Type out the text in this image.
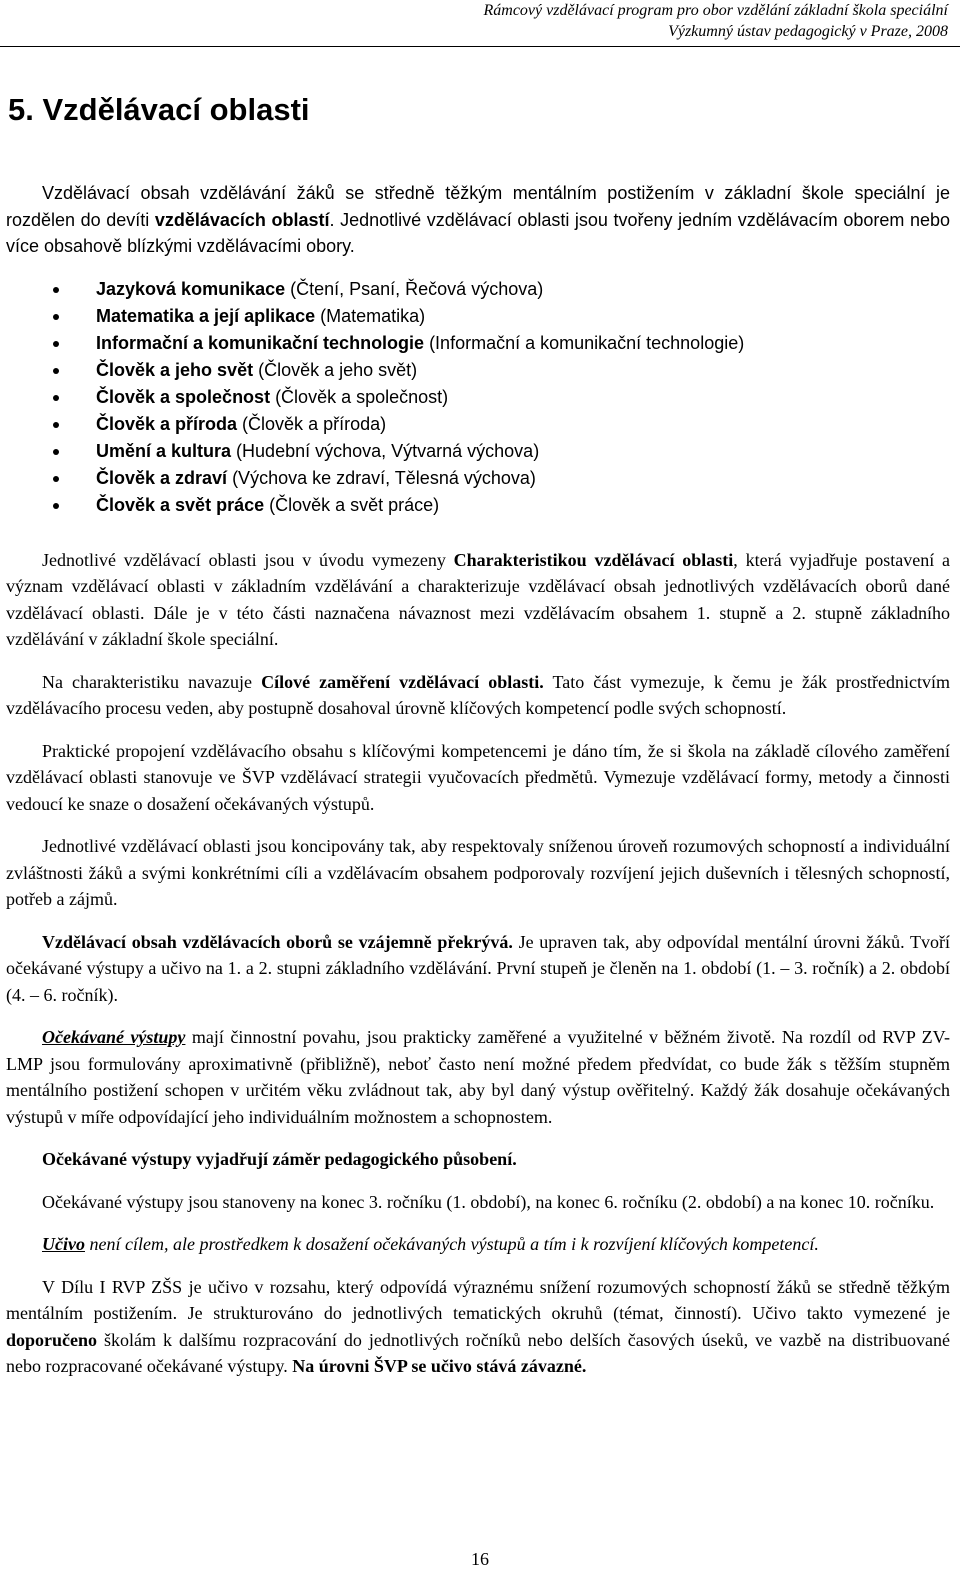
Rámcový vzdělávací program pro obor vzdělání základní škola speciální
Výzkumný ústav pedagogický v Praze, 2008
5. Vzdělávací oblasti

Vzdělávací obsah vzdělávání žáků se středně těžkým mentálním postižením v základní škole speciální je rozdělen do devíti vzdělávacích oblastí. Jednotlivé vzdělávací oblasti jsou tvořeny jedním vzdělávacím oborem nebo více obsahově blízkými vzdělávacími obory.

Jazyková komunikace (Čtení, Psaní, Řečová výchova)
Matematika a její aplikace (Matematika)
Informační a komunikační technologie (Informační a komunikační technologie)
Člověk a jeho svět (Člověk a jeho svět)
Člověk a společnost (Člověk a společnost)
Člověk a příroda (Člověk a příroda)
Umění a kultura (Hudební výchova, Výtvarná výchova)
Člověk a zdraví (Výchova ke zdraví, Tělesná výchova)
Člověk a svět práce (Člověk a svět práce)

Jednotlivé vzdělávací oblasti jsou v úvodu vymezeny Charakteristikou vzdělávací oblasti, která vyjadřuje postavení a význam vzdělávací oblasti v základním vzdělávání a charakterizuje vzdělávací obsah jednotlivých vzdělávacích oborů dané vzdělávací oblasti. Dále je v této části naznačena návaznost mezi vzdělávacím obsahem 1. stupně a 2. stupně základního vzdělávání v základní škole speciální.

Na charakteristiku navazuje Cílové zaměření vzdělávací oblasti. Tato část vymezuje, k čemu je žák prostřednictvím vzdělávacího procesu veden, aby postupně dosahoval úrovně klíčových kompetencí podle svých schopností.

Praktické propojení vzdělávacího obsahu s klíčovými kompetencemi je dáno tím, že si škola na základě cílového zaměření vzdělávací oblasti stanovuje ve ŠVP vzdělávací strategii vyučovacích předmětů. Vymezuje vzdělávací formy, metody a činnosti vedoucí ke snaze o dosažení očekávaných výstupů.

Jednotlivé vzdělávací oblasti jsou koncipovány tak, aby respektovaly sníženou úroveň rozumových schopností a individuální zvláštnosti žáků a svými konkrétními cíli a vzdělávacím obsahem podporovaly rozvíjení jejich duševních i tělesných schopností, potřeb a zájmů.

Vzdělávací obsah vzdělávacích oborů se vzájemně překrývá. Je upraven tak, aby odpovídal mentální úrovni žáků. Tvoří očekávané výstupy a učivo na 1. a 2. stupni základního vzdělávání. První stupeň je členěn na 1. období (1. – 3. ročník) a 2. období (4. – 6. ročník).

Očekávané výstupy mají činnostní povahu, jsou prakticky zaměřené a využitelné v běžném životě. Na rozdíl od RVP ZV-LMP jsou formulovány aproximativně (přibližně), neboť často není možné předem předvídat, co bude žák s těžším stupněm mentálního postižení schopen v určitém věku zvládnout tak, aby byl daný výstup ověřitelný. Každý žák dosahuje očekávaných výstupů v míře odpovídající jeho individuálním možnostem a schopnostem.

Očekávané výstupy vyjadřují záměr pedagogického působení.

Očekávané výstupy jsou stanoveny na konec 3. ročníku (1. období), na konec 6. ročníku (2. období) a na konec 10. ročníku.

Učivo není cílem, ale prostředkem k dosažení očekávaných výstupů a tím i k rozvíjení klíčových kompetencí.

V Dílu I RVP ZŠS je učivo v rozsahu, který odpovídá výraznému snížení rozumových schopností žáků se středně těžkým mentálním postižením. Je strukturováno do jednotlivých tematických okruhů (témat, činností). Učivo takto vymezené je doporučeno školám k dalšímu rozpracování do jednotlivých ročníků nebo delších časových úseků, ve vazbě na distribuované nebo rozpracované očekávané výstupy. Na úrovni ŠVP se učivo stává závazné.

16
